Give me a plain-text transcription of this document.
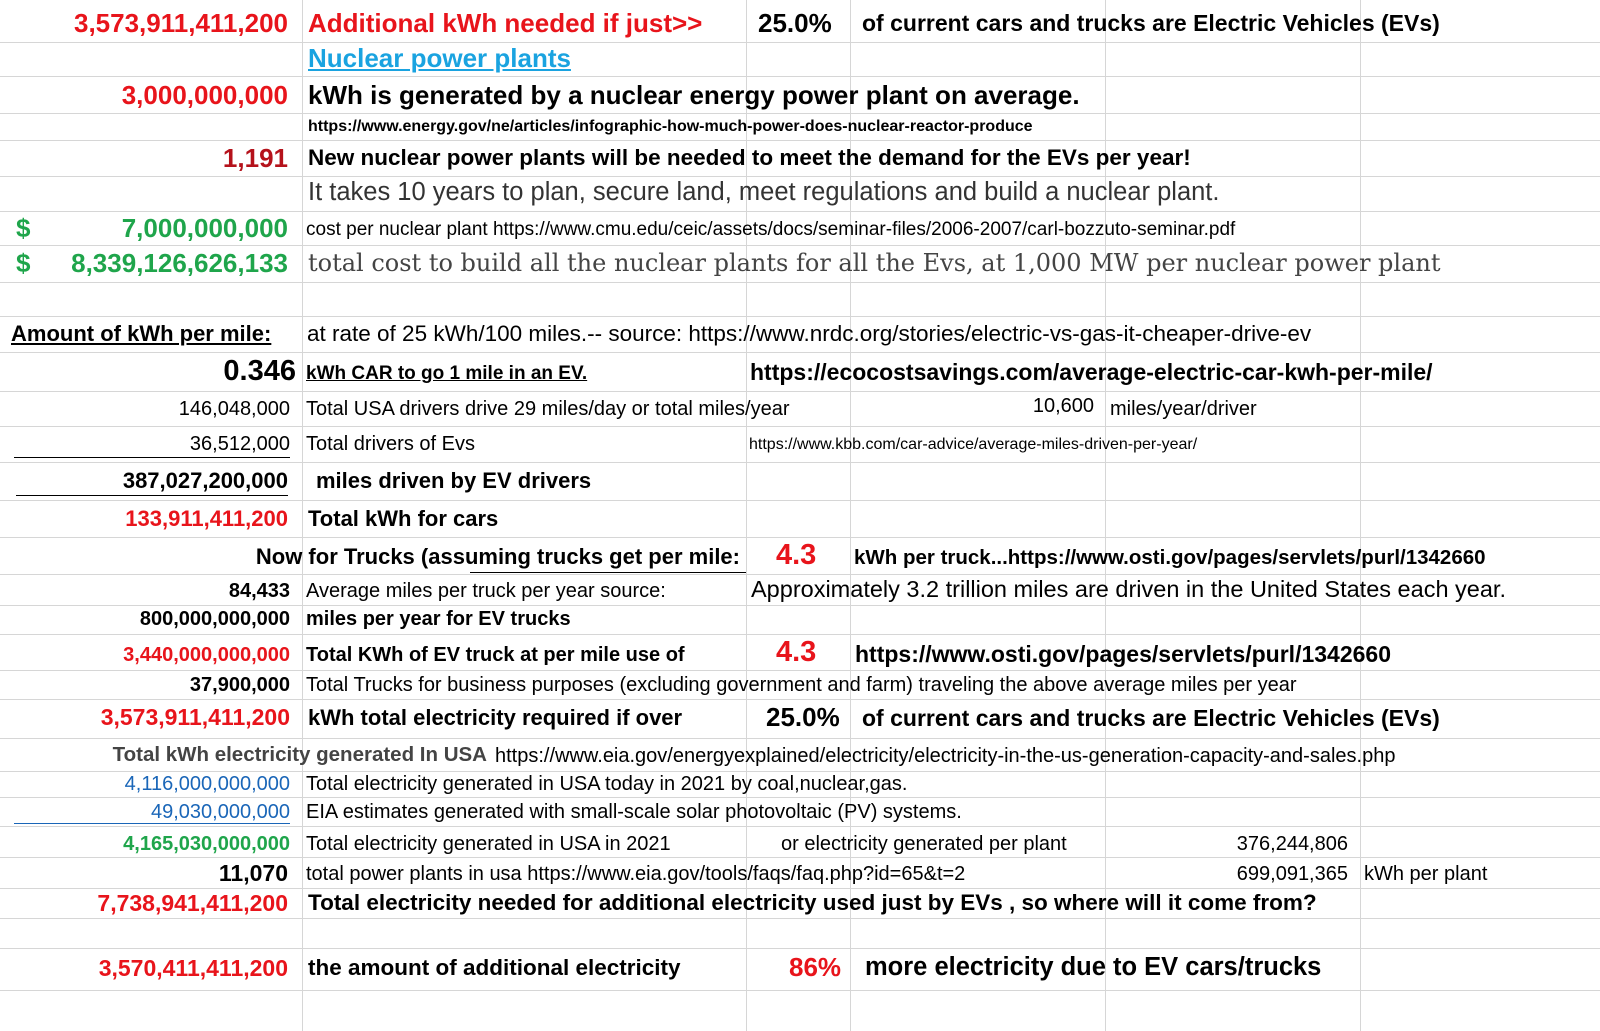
3,573,911,411,200 Additional kWh needed if just>> 25.0% of current cars and trucks are Electric Vehicles (EVs)
Nuclear power plants
3,000,000,000 kWh is generated by a nuclear energy power plant on average.
https://www.energy.gov/ne/articles/infographic-how-much-power-does-nuclear-reactor-produce
1,191 New nuclear power plants will be needed to meet the demand for the EVs per year!
It takes 10 years to plan, secure land, meet regulations and build a nuclear plant.
$	7,000,000,000 cost per nuclear plant https://www.cmu.edu/ceic/assets/docs/seminar-files/2006-2007/carl-bozzuto-seminar.pdf
$	8,339,126,626,133 total cost to build all the nuclear plants for all the Evs, at 1,000 MW per nuclear power plant
Amount of kWh per mile: at rate of 25 kWh/100 miles.-- source: https://www.nrdc.org/stories/electric-vs-gas-it-cheaper-drive-ev
0.346 kWh CAR to go 1 mile in an EV.	https://ecocostsavings.com/average-electric-car-kwh-per-mile/
146,048,000 Total USA drivers drive 29 miles/day or total miles/year	10,600 miles/year/driver
36,512,000 Total drivers of Evs	https://www.kbb.com/car-advice/average-miles-driven-per-year/
387,027,200,000 miles driven by EV drivers
133,911,411,200 Total kWh for cars
Now for Trucks (assuming trucks get per mile: 4.3 kWh per truck...https://www.osti.gov/pages/servlets/purl/1342660
84,433 Average miles per truck per year source:	Approximately 3.2 trillion miles are driven in the United States each year.
800,000,000,000 miles per year for EV trucks
3,440,000,000,000 Total KWh of EV truck at per mile use of	4.3 https://www.osti.gov/pages/servlets/purl/1342660
37,900,000 Total Trucks for business purposes (excluding government and farm) traveling the above average miles per year
3,573,911,411,200 kWh total electricity required if over	25.0% of current cars and trucks are Electric Vehicles (EVs)
Total kWh electricity generated In USA https://www.eia.gov/energyexplained/electricity/electricity-in-the-us-generation-capacity-and-sales.php
4,116,000,000,000 Total electricity generated in USA today in 2021 by coal,nuclear,gas.
49,030,000,000 EIA estimates generated with small-scale solar photovoltaic (PV) systems.
4,165,030,000,000 Total electricity generated in USA in 2021	or electricity generated per plant	376,244,806
11,070 total power plants in usa https://www.eia.gov/tools/faqs/faq.php?id=65&t=2	699,091,365 kWh per plant
7,738,941,411,200 Total electricity needed for additional electricity used just by EVs , so where will it come from?
3,570,411,411,200 the amount of additional electricity	86% more electricity due to EV cars/trucks
